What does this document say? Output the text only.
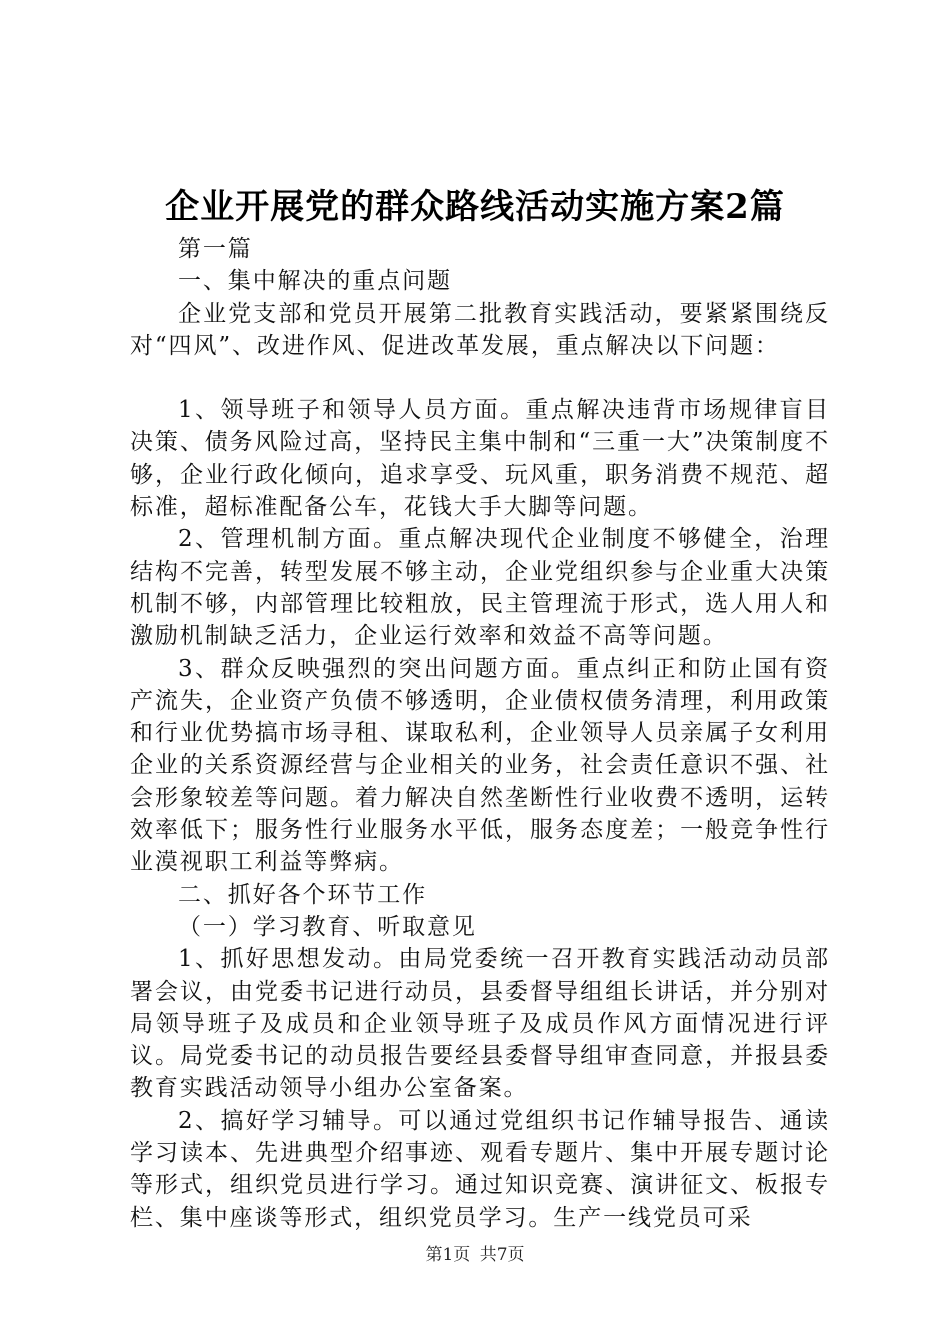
企业开展党的群众路线活动实施方案2篇

第一篇

一、集中解决的重点问题

企业党支部和党员开展第二批教育实践活动，要紧紧围绕反对“四风”、改进作风、促进改革发展，重点解决以下问题：

1、领导班子和领导人员方面。重点解决违背市场规律盲目决策、债务风险过高，坚持民主集中制和“三重一大”决策制度不够，企业行政化倾向，追求享受、玩风重，职务消费不规范、超标准，超标准配备公车，花钱大手大脚等问题。

2、管理机制方面。重点解决现代企业制度不够健全，治理结构不完善，转型发展不够主动，企业党组织参与企业重大决策机制不够，内部管理比较粗放，民主管理流于形式，选人用人和激励机制缺乏活力，企业运行效率和效益不高等问题。

3、群众反映强烈的突出问题方面。重点纠正和防止国有资产流失，企业资产负债不够透明，企业债权债务清理，利用政策和行业优势搞市场寻租、谋取私利，企业领导人员亲属子女利用企业的关系资源经营与企业相关的业务，社会责任意识不强、社会形象较差等问题。着力解决自然垄断性行业收费不透明，运转效率低下；服务性行业服务水平低，服务态度差；一般竞争性行业漠视职工利益等弊病。

二、抓好各个环节工作

（一）学习教育、听取意见

1、抓好思想发动。由局党委统一召开教育实践活动动员部署会议，由党委书记进行动员，县委督导组组长讲话，并分别对局领导班子及成员和企业领导班子及成员作风方面情况进行评议。局党委书记的动员报告要经县委督导组审查同意，并报县委教育实践活动领导小组办公室备案。

2、搞好学习辅导。可以通过党组织书记作辅导报告、通读学习读本、先进典型介绍事迹、观看专题片、集中开展专题讨论等形式，组织党员进行学习。通过知识竞赛、演讲征文、板报专栏、集中座谈等形式，组织党员学习。生产一线党员可采

第1页 共7页
